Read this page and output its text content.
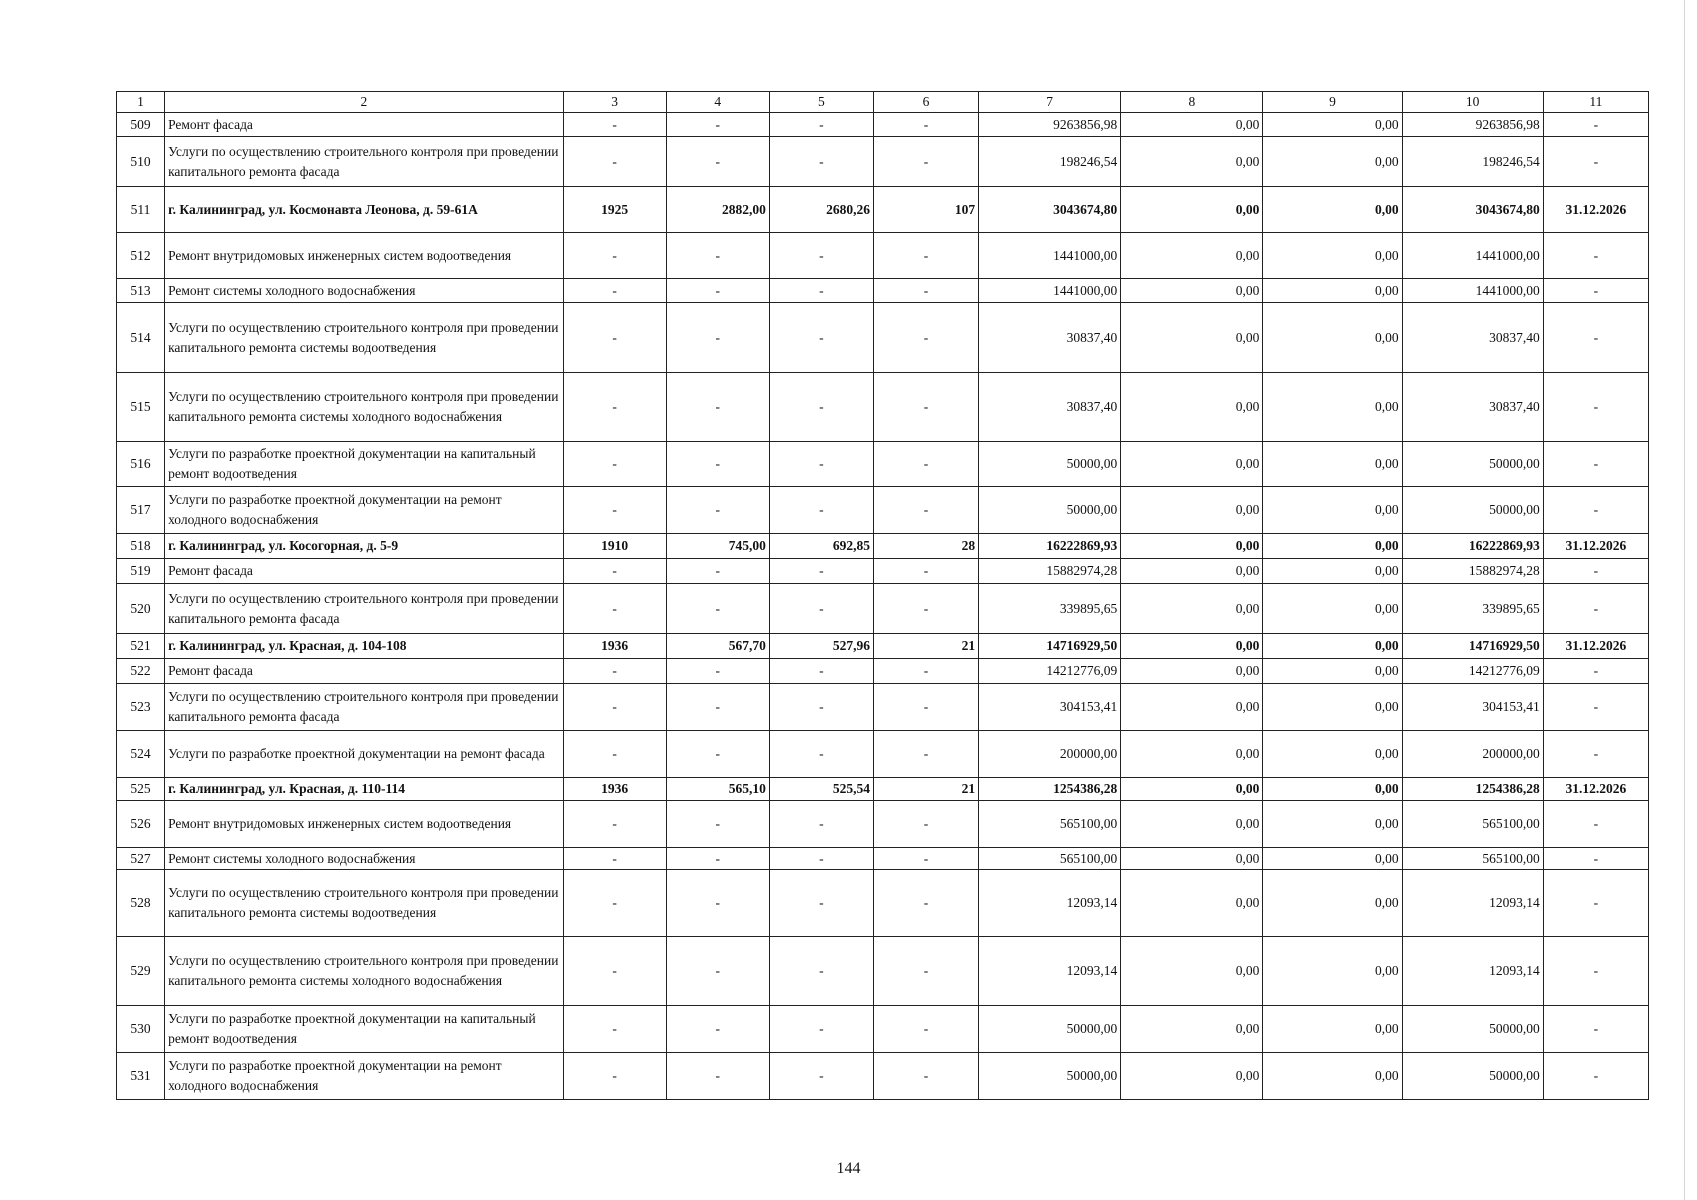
1	2	3	4	5	6	7	8	9	10	11
509	Ремонт фасада	-	-	-	-	9263856,98	0,00	0,00	9263856,98	-
510	Услуги по осуществлению строительного контроля при проведении капитального ремонта фасада	-	-	-	-	198246,54	0,00	0,00	198246,54	-
511	г. Калининград, ул. Космонавта Леонова, д. 59-61А	1925	2882,00	2680,26	107	3043674,80	0,00	0,00	3043674,80	31.12.2026
512	Ремонт внутридомовых инженерных систем водоотведения	-	-	-	-	1441000,00	0,00	0,00	1441000,00	-
513	Ремонт системы холодного водоснабжения	-	-	-	-	1441000,00	0,00	0,00	1441000,00	-
514	Услуги по осуществлению строительного контроля при проведении капитального ремонта системы водоотведения	-	-	-	-	30837,40	0,00	0,00	30837,40	-
515	Услуги по осуществлению строительного контроля при проведении капитального ремонта системы холодного водоснабжения	-	-	-	-	30837,40	0,00	0,00	30837,40	-
516	Услуги по разработке проектной документации на капитальный ремонт водоотведения	-	-	-	-	50000,00	0,00	0,00	50000,00	-
517	Услуги по разработке проектной документации на ремонт холодного водоснабжения	-	-	-	-	50000,00	0,00	0,00	50000,00	-
518	г. Калининград, ул. Косогорная, д. 5-9	1910	745,00	692,85	28	16222869,93	0,00	0,00	16222869,93	31.12.2026
519	Ремонт фасада	-	-	-	-	15882974,28	0,00	0,00	15882974,28	-
520	Услуги по осуществлению строительного контроля при проведении капитального ремонта фасада	-	-	-	-	339895,65	0,00	0,00	339895,65	-
521	г. Калининград, ул. Красная, д. 104-108	1936	567,70	527,96	21	14716929,50	0,00	0,00	14716929,50	31.12.2026
522	Ремонт фасада	-	-	-	-	14212776,09	0,00	0,00	14212776,09	-
523	Услуги по осуществлению строительного контроля при проведении капитального ремонта фасада	-	-	-	-	304153,41	0,00	0,00	304153,41	-
524	Услуги по разработке проектной документации на ремонт фасада	-	-	-	-	200000,00	0,00	0,00	200000,00	-
525	г. Калининград, ул. Красная, д. 110-114	1936	565,10	525,54	21	1254386,28	0,00	0,00	1254386,28	31.12.2026
526	Ремонт внутридомовых инженерных систем водоотведения	-	-	-	-	565100,00	0,00	0,00	565100,00	-
527	Ремонт системы холодного водоснабжения	-	-	-	-	565100,00	0,00	0,00	565100,00	-
528	Услуги по осуществлению строительного контроля при проведении капитального ремонта системы водоотведения	-	-	-	-	12093,14	0,00	0,00	12093,14	-
529	Услуги по осуществлению строительного контроля при проведении капитального ремонта системы холодного водоснабжения	-	-	-	-	12093,14	0,00	0,00	12093,14	-
530	Услуги по разработке проектной документации на капитальный ремонт водоотведения	-	-	-	-	50000,00	0,00	0,00	50000,00	-
531	Услуги по разработке проектной документации на ремонт холодного водоснабжения	-	-	-	-	50000,00	0,00	0,00	50000,00	-
144
